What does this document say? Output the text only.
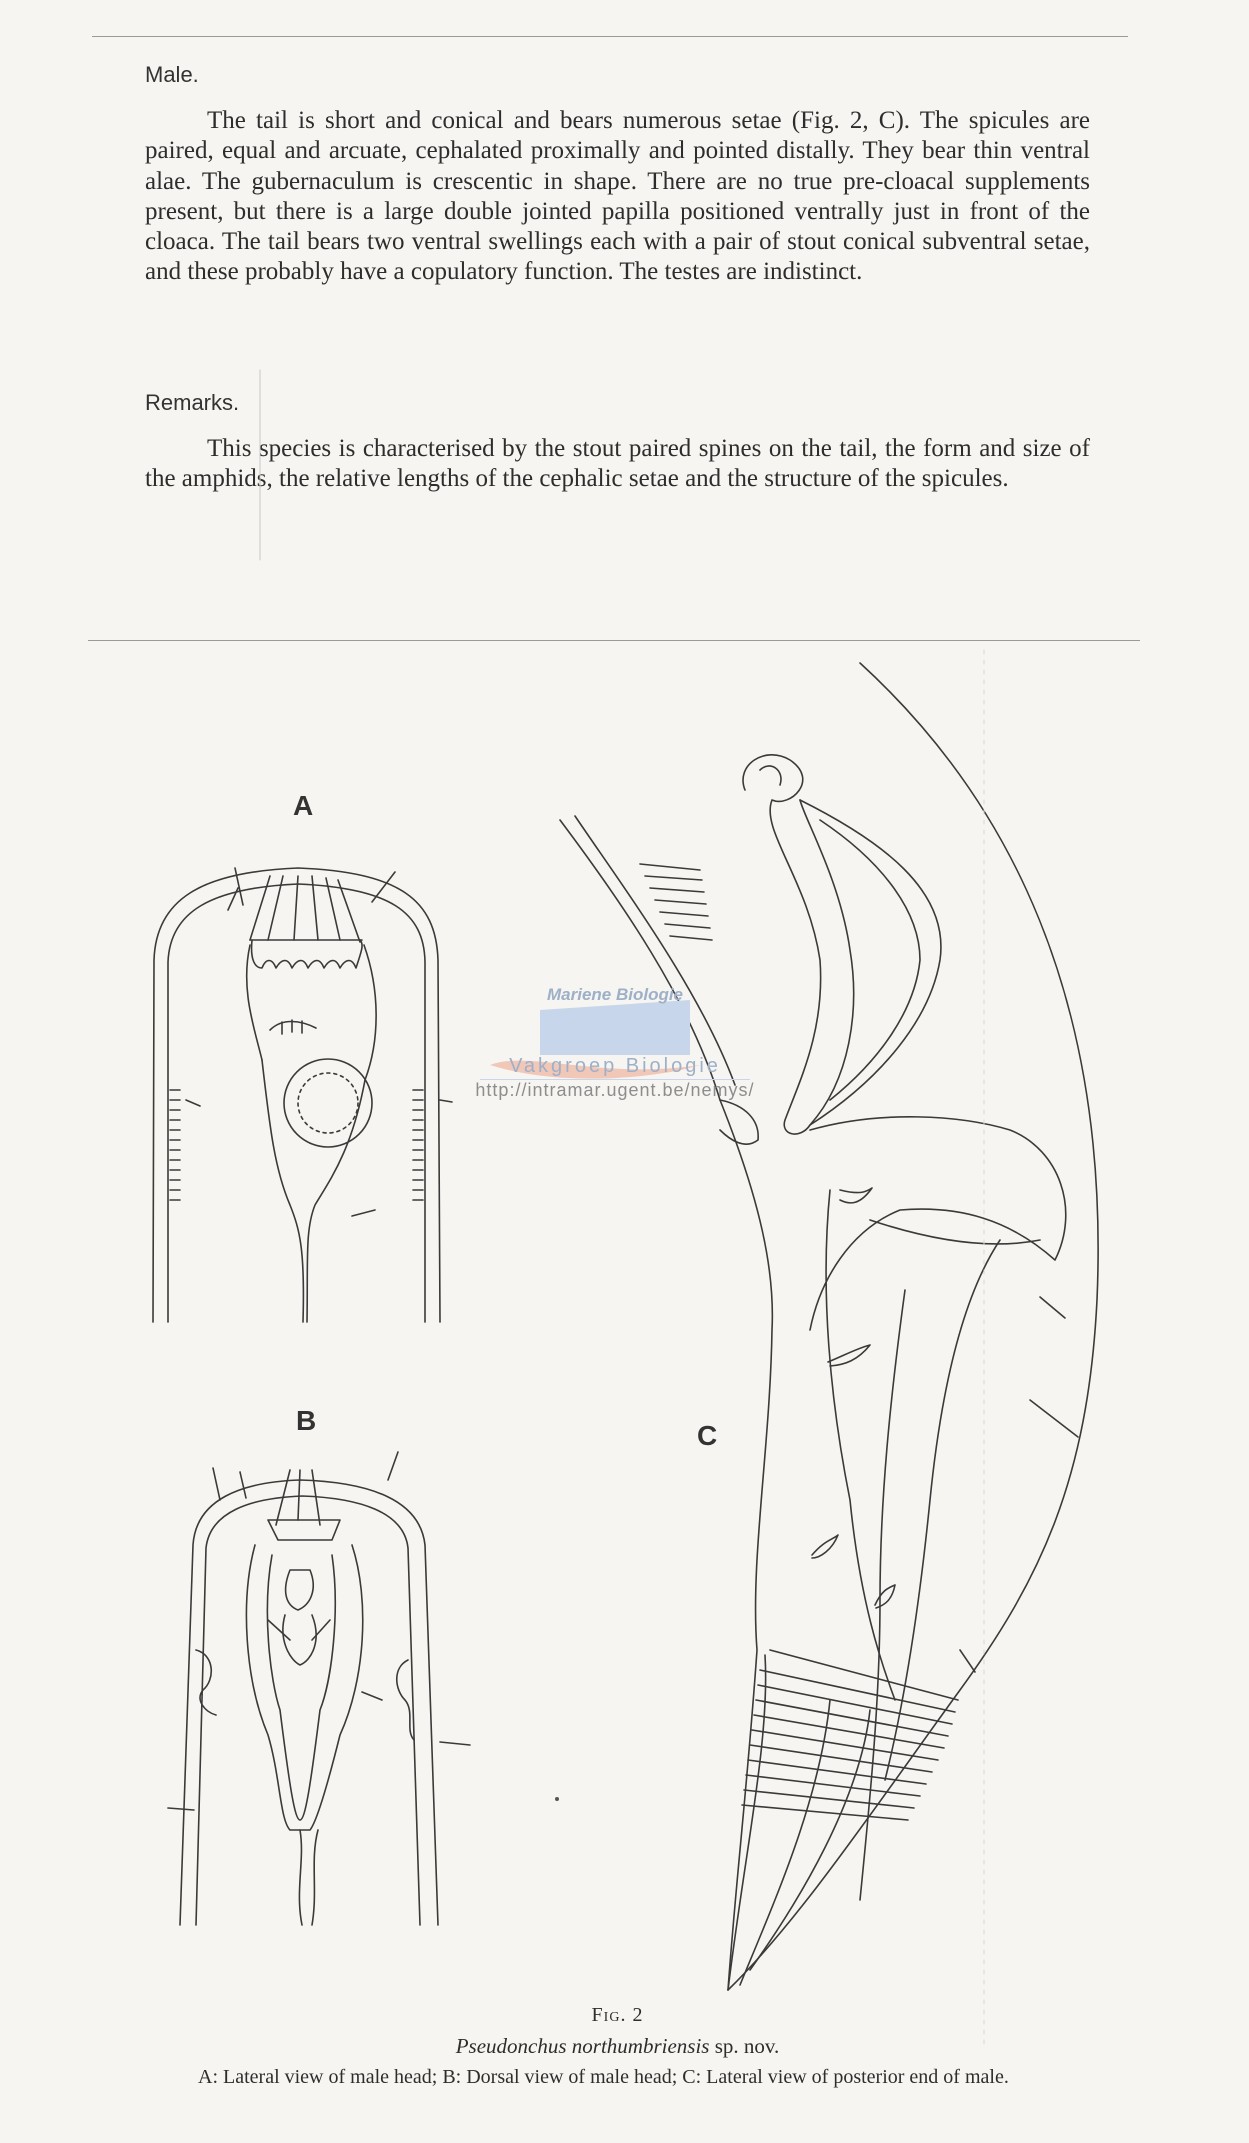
Male.

The tail is short and conical and bears numerous setae (Fig. 2, C). The spicules are paired, equal and arcuate, cephalated proximally and pointed distally. They bear thin ventral alae. The gubernaculum is crescentic in shape. There are no true pre-cloacal supplements present, but there is a large double jointed papilla positioned ventrally just in front of the cloaca. The tail bears two ventral swellings each with a pair of stout conical subventral setae, and these probably have a copulatory function. The testes are indistinct.

Remarks.

This species is characterised by the stout paired spines on the tail, the form and size of the amphids, the relative lengths of the cephalic setae and the structure of the spicules.

A
B	C
Mariene Biologie
Vakgroep Biologie
http://intramar.ugent.be/nemys/
Fig. 2
Pseudonchus northumbriensis sp. nov.
A: Lateral view of male head; B: Dorsal view of male head; C: Lateral view of posterior end of male.
